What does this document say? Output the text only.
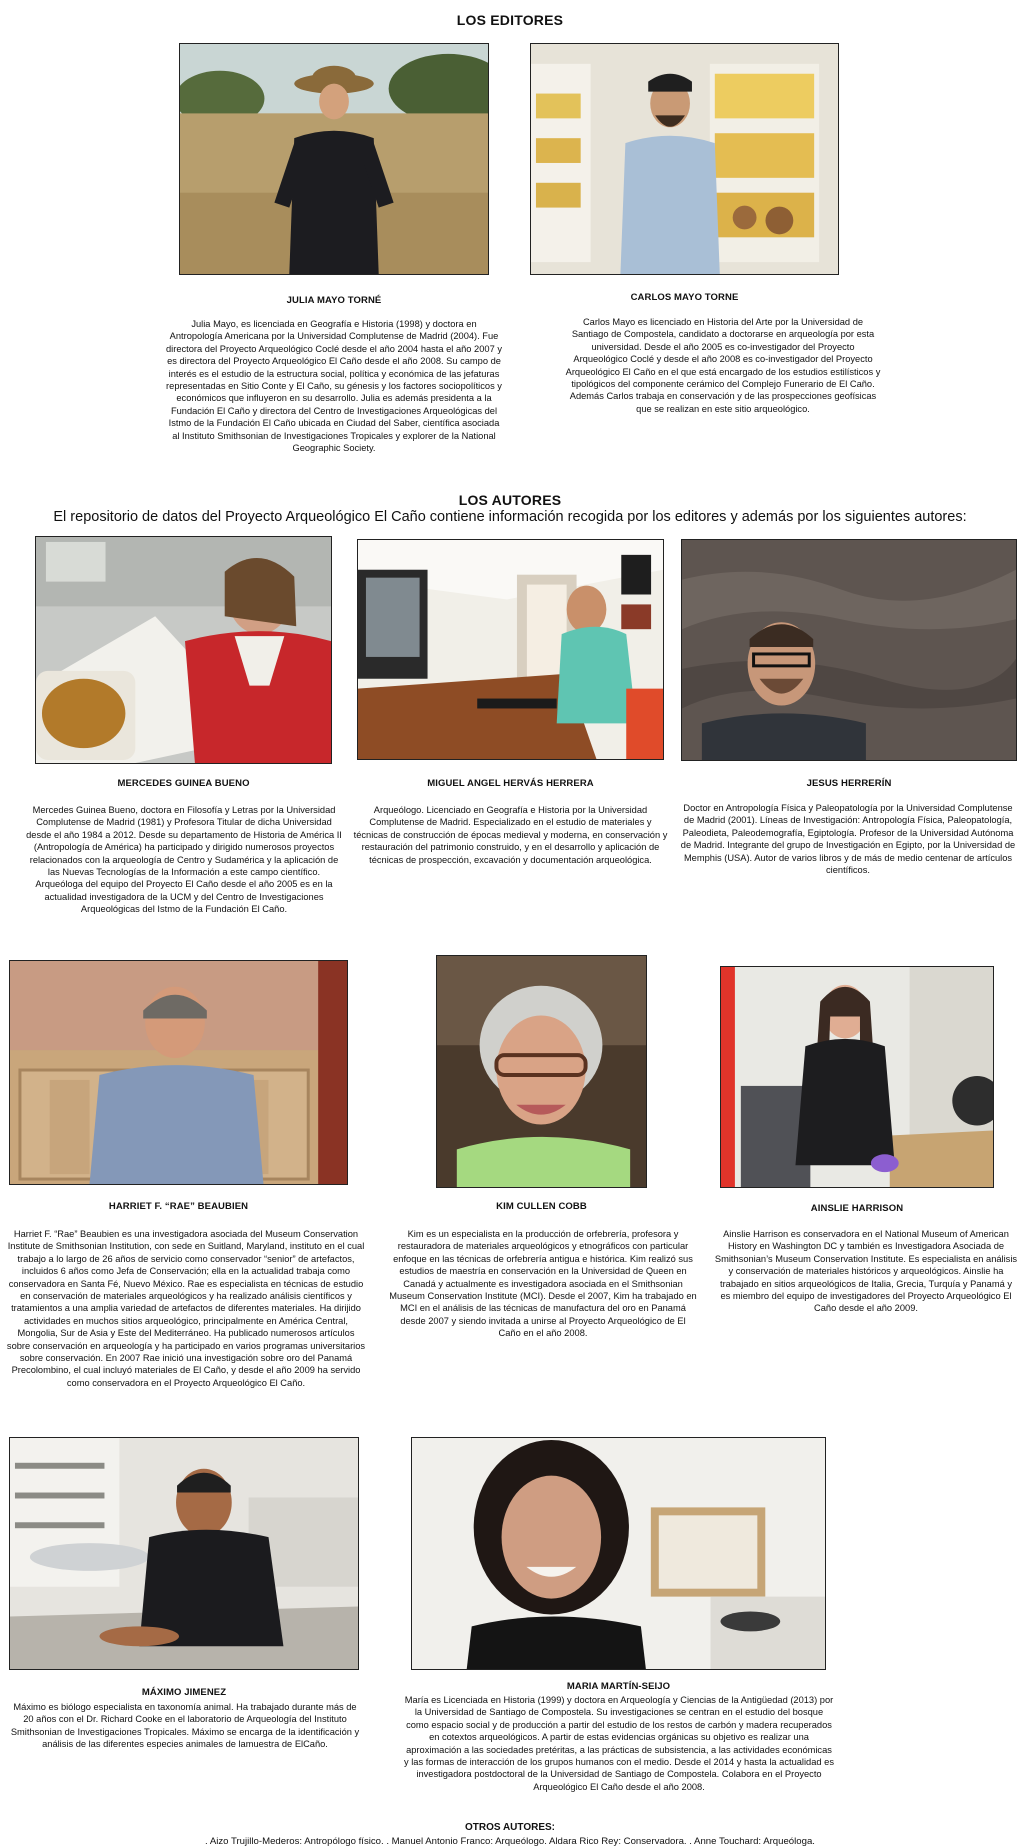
LOS EDITORES
JULIA MAYO TORNÉ

Julia Mayo, es licenciada en Geografía e Historia (1998) y doctora en Antropología Americana por la Universidad Complutense de Madrid (2004). Fue directora del Proyecto Arqueológico Coclé desde el año 2004 hasta el año 2007 y es directora del Proyecto Arqueológico El Caño desde el año 2008. Su campo de interés es el estudio de la estructura social, política y económica de las jefaturas representadas en Sitio Conte y El Caño, su génesis y los factores sociopolíticos y económicos que influyeron en su desarrollo. Julia es además presidenta a la Fundación El Caño y directora del Centro de Investigaciones Arqueológicas del Istmo de la Fundación El Caño ubicada en Ciudad del Saber, científica asociada al Instituto Smithsonian de Investigaciones Tropicales y explorer de la National Geographic Society.

CARLOS MAYO TORNE

Carlos Mayo es licenciado en Historia del Arte por la Universidad de Santiago de Compostela, candidato a doctorarse en arqueología por esta universidad. Desde el año 2005 es co-investigador del Proyecto Arqueológico Coclé y desde el año 2008 es co-investigador del Proyecto Arqueológico El Caño en el que está encargado de los estudios estilísticos y tipológicos del componente cerámico del Complejo Funerario de El Caño. Además Carlos trabaja en conservación y de las prospecciones geofísicas que se realizan en este sitio arqueológico.

LOS AUTORES
El repositorio de datos del Proyecto Arqueológico El Caño contiene información recogida por los editores y además por los siguientes autores:
MERCEDES GUINEA BUENO

Mercedes Guinea Bueno, doctora en Filosofía y Letras por la Universidad Complutense de Madrid (1981) y Profesora Titular de dicha Universidad desde el año 1984 a 2012. Desde su departamento de Historia de América II (Antropología de América) ha participado y dirigido numerosos proyectos relacionados con la arqueología de Centro y Sudamérica y la aplicación de las Nuevas Tecnologías de la Información a este campo científico. Arqueóloga del equipo del Proyecto El Caño desde el año 2005 es en la actualidad investigadora de la UCM y del Centro de Investigaciones Arqueológicas del Istmo de la Fundación El Caño.

MIGUEL ANGEL HERVÁS HERRERA

Arqueólogo. Licenciado en Geografía e Historia por la Universidad Complutense de Madrid. Especializado en el estudio de materiales y técnicas de construcción de épocas medieval y moderna, en conservación y restauración del patrimonio construido, y en el desarrollo y aplicación de técnicas de prospección, excavación y documentación arqueológica.

JESUS HERRERÍN

Doctor en Antropología Física y Paleopatología por la Universidad Complutense de Madrid (2001). Líneas de Investigación: Antropología Física, Paleopatología, Paleodieta, Paleodemografía, Egiptología. Profesor de la Universidad Autónoma de Madrid. Integrante del grupo de Investigación en Egipto, por la Universidad de Memphis (USA). Autor de varios libros y de más de medio centenar de artículos científicos.

HARRIET F. “RAE” BEAUBIEN

Harriet F. “Rae” Beaubien es una investigadora asociada del Museum Conservation Institute de Smithsonian Institution, con sede en Suitland, Maryland, instituto en el cual trabajo a lo largo de 26 años de servicio como conservador “senior” de artefactos, incluidos 6 años como Jefa de Conservación; ella en la actualidad trabaja como conservadora en Santa Fé, Nuevo México. Rae es especialista en técnicas de estudio en conservación de materiales arqueológicos y ha realizado análisis científicos y tratamientos a una amplia variedad de artefactos de diferentes materiales. Ha dirijido actividades en muchos sitios arqueológico, principalmente en América Central, Mongolia, Sur de Asia y Este del Mediterráneo. Ha publicado numerosos artículos sobre conservación en arqueología y ha participado en varios programas universitarios sobre conservación. En 2007 Rae inició una investigación sobre oro del Panamá Precolombino, el cual incluyó materiales de El Caño, y desde el año 2009 ha servido como conservadora en el Proyecto Arqueológico El Caño.

KIM CULLEN COBB

Kim es un especialista en la producción de orfebrería, profesora y restauradora de materiales arqueológicos y etnográficos con particular enfoque en las técnicas de orfebrería antigua e histórica. Kim realizó sus estudios de maestría en conservación en la Universidad de Queen en Canadá y actualmente es investigadora asociada en el Smithsonian Museum Conservation Institute (MCI). Desde el 2007, Kim ha trabajado en MCI en el análisis de las técnicas de manufactura del oro en Panamá desde 2007 y siendo invitada a unirse al Proyecto Arqueológico de El Caño en el año 2008.

AINSLIE HARRISON

Ainslie Harrison es conservadora en el National Museum of American History en Washington DC y también es Investigadora Asociada de Smithsonian’s Museum Conservation Institute. Es especialista en análisis y conservación de materiales históricos y arqueológicos. Ainslie ha trabajado en sitios arqueológicos de Italia, Grecia, Turquía y Panamá y es miembro del equipo de investigadores del Proyecto Arqueológico El Caño desde el año 2009.

MÁXIMO JIMENEZ

Máximo es biólogo especialista en taxonomía animal. Ha trabajado durante más de 20 años con el Dr. Richard Cooke en el laboratorio de Arqueología del Instituto Smithsonian de Investigaciones Tropicales. Máximo se encarga de la identificación y análisis de las diferentes especies animales de lamuestra de ElCaño.

MARIA MARTÍN-SEIJO

María es Licenciada en Historia (1999) y doctora en Arqueología y Ciencias de la Antigüedad (2013) por la Universidad de Santiago de Compostela. Su investigaciones se centran en el estudio del bosque como espacio social y de producción a partir del estudio de los restos de carbón y madera recuperados en cotextos arqueológicos. A partir de estas evidencias orgánicas su objetivo es realizar una aproximación a las sociedades pretéritas, a las prácticas de subsistencia, a las actividades económicas y las formas de interacción de los grupos humanos con el medio. Desde el 2014 y hasta la actualidad es investigadora postdoctoral de la Universidad de Santiago de Compostela. Colabora en el Proyecto Arqueológico El Caño desde el año 2008.

OTROS AUTORES:
. Aizo Trujillo-Mederos: Antropólogo físico. . Manuel Antonio Franco: Arqueólogo. Aldara Rico Rey: Conservadora. . Anne Touchard: Arqueóloga.
